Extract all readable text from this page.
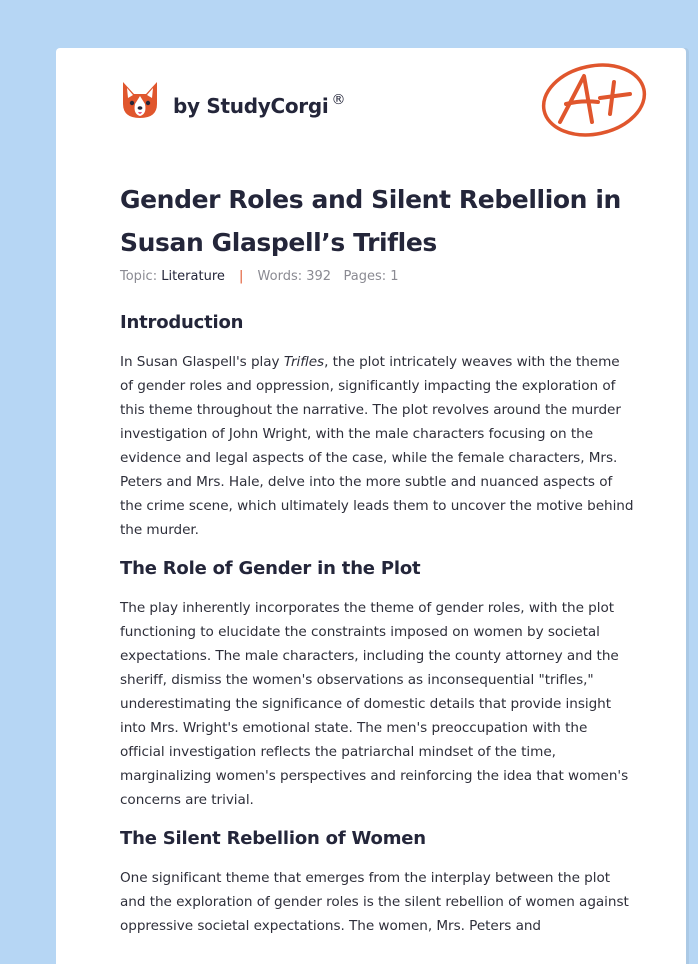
by StudyCorgi ®
Gender Roles and Silent Rebellion in Susan Glaspell’s Trifles
Topic: Literature | Words: 392 Pages: 1
Introduction

In Susan Glaspell's play Trifles, the plot intricately weaves with the theme of gender roles and oppression, significantly impacting the exploration of this theme throughout the narrative. The plot revolves around the murder investigation of John Wright, with the male characters focusing on the evidence and legal aspects of the case, while the female characters, Mrs. Peters and Mrs. Hale, delve into the more subtle and nuanced aspects of the crime scene, which ultimately leads them to uncover the motive behind the murder.

The Role of Gender in the Plot

The play inherently incorporates the theme of gender roles, with the plot functioning to elucidate the constraints imposed on women by societal expectations. The male characters, including the county attorney and the sheriff, dismiss the women's observations as inconsequential "trifles," underestimating the significance of domestic details that provide insight into Mrs. Wright's emotional state. The men's preoccupation with the official investigation reflects the patriarchal mindset of the time, marginalizing women's perspectives and reinforcing the idea that women's concerns are trivial.

The Silent Rebellion of Women

One significant theme that emerges from the interplay between the plot and the exploration of gender roles is the silent rebellion of women against oppressive societal expectations. The women, Mrs. Peters and
